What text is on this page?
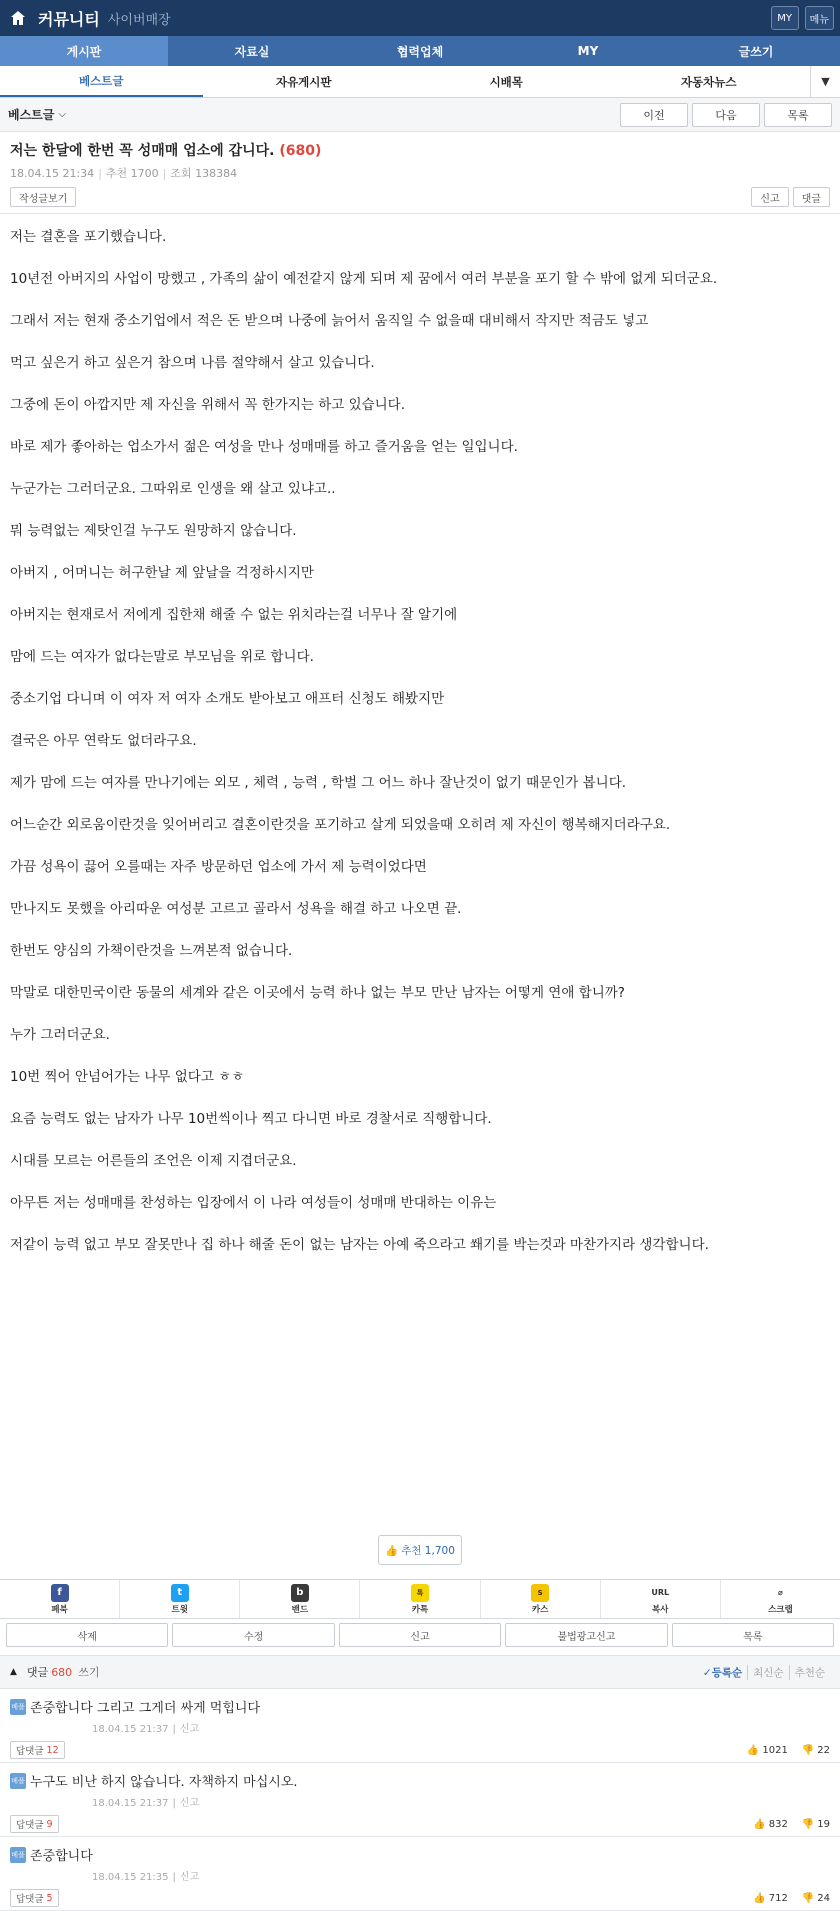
커뮤니티 사이버매장	MY	메뉴
게시판	자료실	협력업체	MY	글쓰기
베스트글	자유게시판	시배목	자동차뉴스	▼
베스트글 ⌵	이전	다음	목록
저는 한달에 한번 꼭 성매매 업소에 갑니다. (680)
18.04.15 21:34 | 추천 1700 | 조회 138384
작성글보기	신고	댓글

저는 결혼을 포기했습니다.

10년전 아버지의 사업이 망했고 , 가족의 삶이 예전같지 않게 되며 제 꿈에서 여러 부분을 포기 할 수 밖에 없게 되더군요.

그래서 저는 현재 중소기업에서 적은 돈 받으며 나중에 늙어서 움직일 수 없을때 대비해서 작지만 적금도 넣고

먹고 싶은거 하고 싶은거 참으며 나름 절약해서 살고 있습니다.

그중에 돈이 아깝지만 제 자신을 위해서 꼭 한가지는 하고 있습니다.

바로 제가 좋아하는 업소가서 젊은 여성을 만나 성매매를 하고 즐거움을 얻는 일입니다.

누군가는 그러더군요. 그따위로 인생을 왜 살고 있냐고..

뭐 능력없는 제탓인걸 누구도 원망하지 않습니다.

아버지 , 어머니는 허구한날 제 앞날을 걱정하시지만

아버지는 현재로서 저에게 집한채 해줄 수 없는 위치라는걸 너무나 잘 알기에

맘에 드는 여자가 없다는말로 부모님을 위로 합니다.

중소기업 다니며 이 여자 저 여자 소개도 받아보고 애프터 신청도 해봤지만

결국은 아무 연락도 없더라구요.

제가 맘에 드는 여자를 만나기에는 외모 , 체력 , 능력 , 학벌 그 어느 하나 잘난것이 없기 때문인가 봅니다.

어느순간 외로움이란것을 잊어버리고 결혼이란것을 포기하고 살게 되었을때 오히려 제 자신이 행복해지더라구요.

가끔 성욕이 끓어 오를때는 자주 방문하던 업소에 가서 제 능력이었다면

만나지도 못했을 아리따운 여성분 고르고 골라서 성욕을 해결 하고 나오면 끝.

한번도 양심의 가책이란것을 느껴본적 없습니다.

막말로 대한민국이란 동물의 세계와 같은 이곳에서 능력 하나 없는 부모 만난 남자는 어떻게 연애 합니까?

누가 그러더군요.

10번 찍어 안넘어가는 나무 없다고 ㅎㅎ

요즘 능력도 없는 남자가 나무 10번씩이나 찍고 다니면 바로 경찰서로 직행합니다.

시대를 모르는 어른들의 조언은 이제 지겹더군요.

아무튼 저는 성매매를 찬성하는 입장에서 이 나라 여성들이 성매매 반대하는 이유는

저같이 능력 없고 부모 잘못만나 집 하나 해줄 돈이 없는 남자는 아예 죽으라고 쐐기를 박는것과 마찬가지라 생각합니다.

👍 추천 1,700
f
페북
t
트윗
b
밴드
톡
카톡
S
카스
URL
복사
⌀
스크랩
삭제	수정	신고	불법광고신고	목록
▲ 댓글 680 쓰기	✓등록순	최신순	추천순
베플 존중합니다 그리고 그게더 싸게 먹힙니다
18.04.15 21:37 | 신고
답댓글 12	👍 1021 👎 22
베플 누구도 비난 하지 않습니다. 자책하지 마십시오.
18.04.15 21:37 | 신고
답댓글 9	👍 832 👎 19
베플 존중합니다
18.04.15 21:35 | 신고
답댓글 5	👍 712 👎 24
